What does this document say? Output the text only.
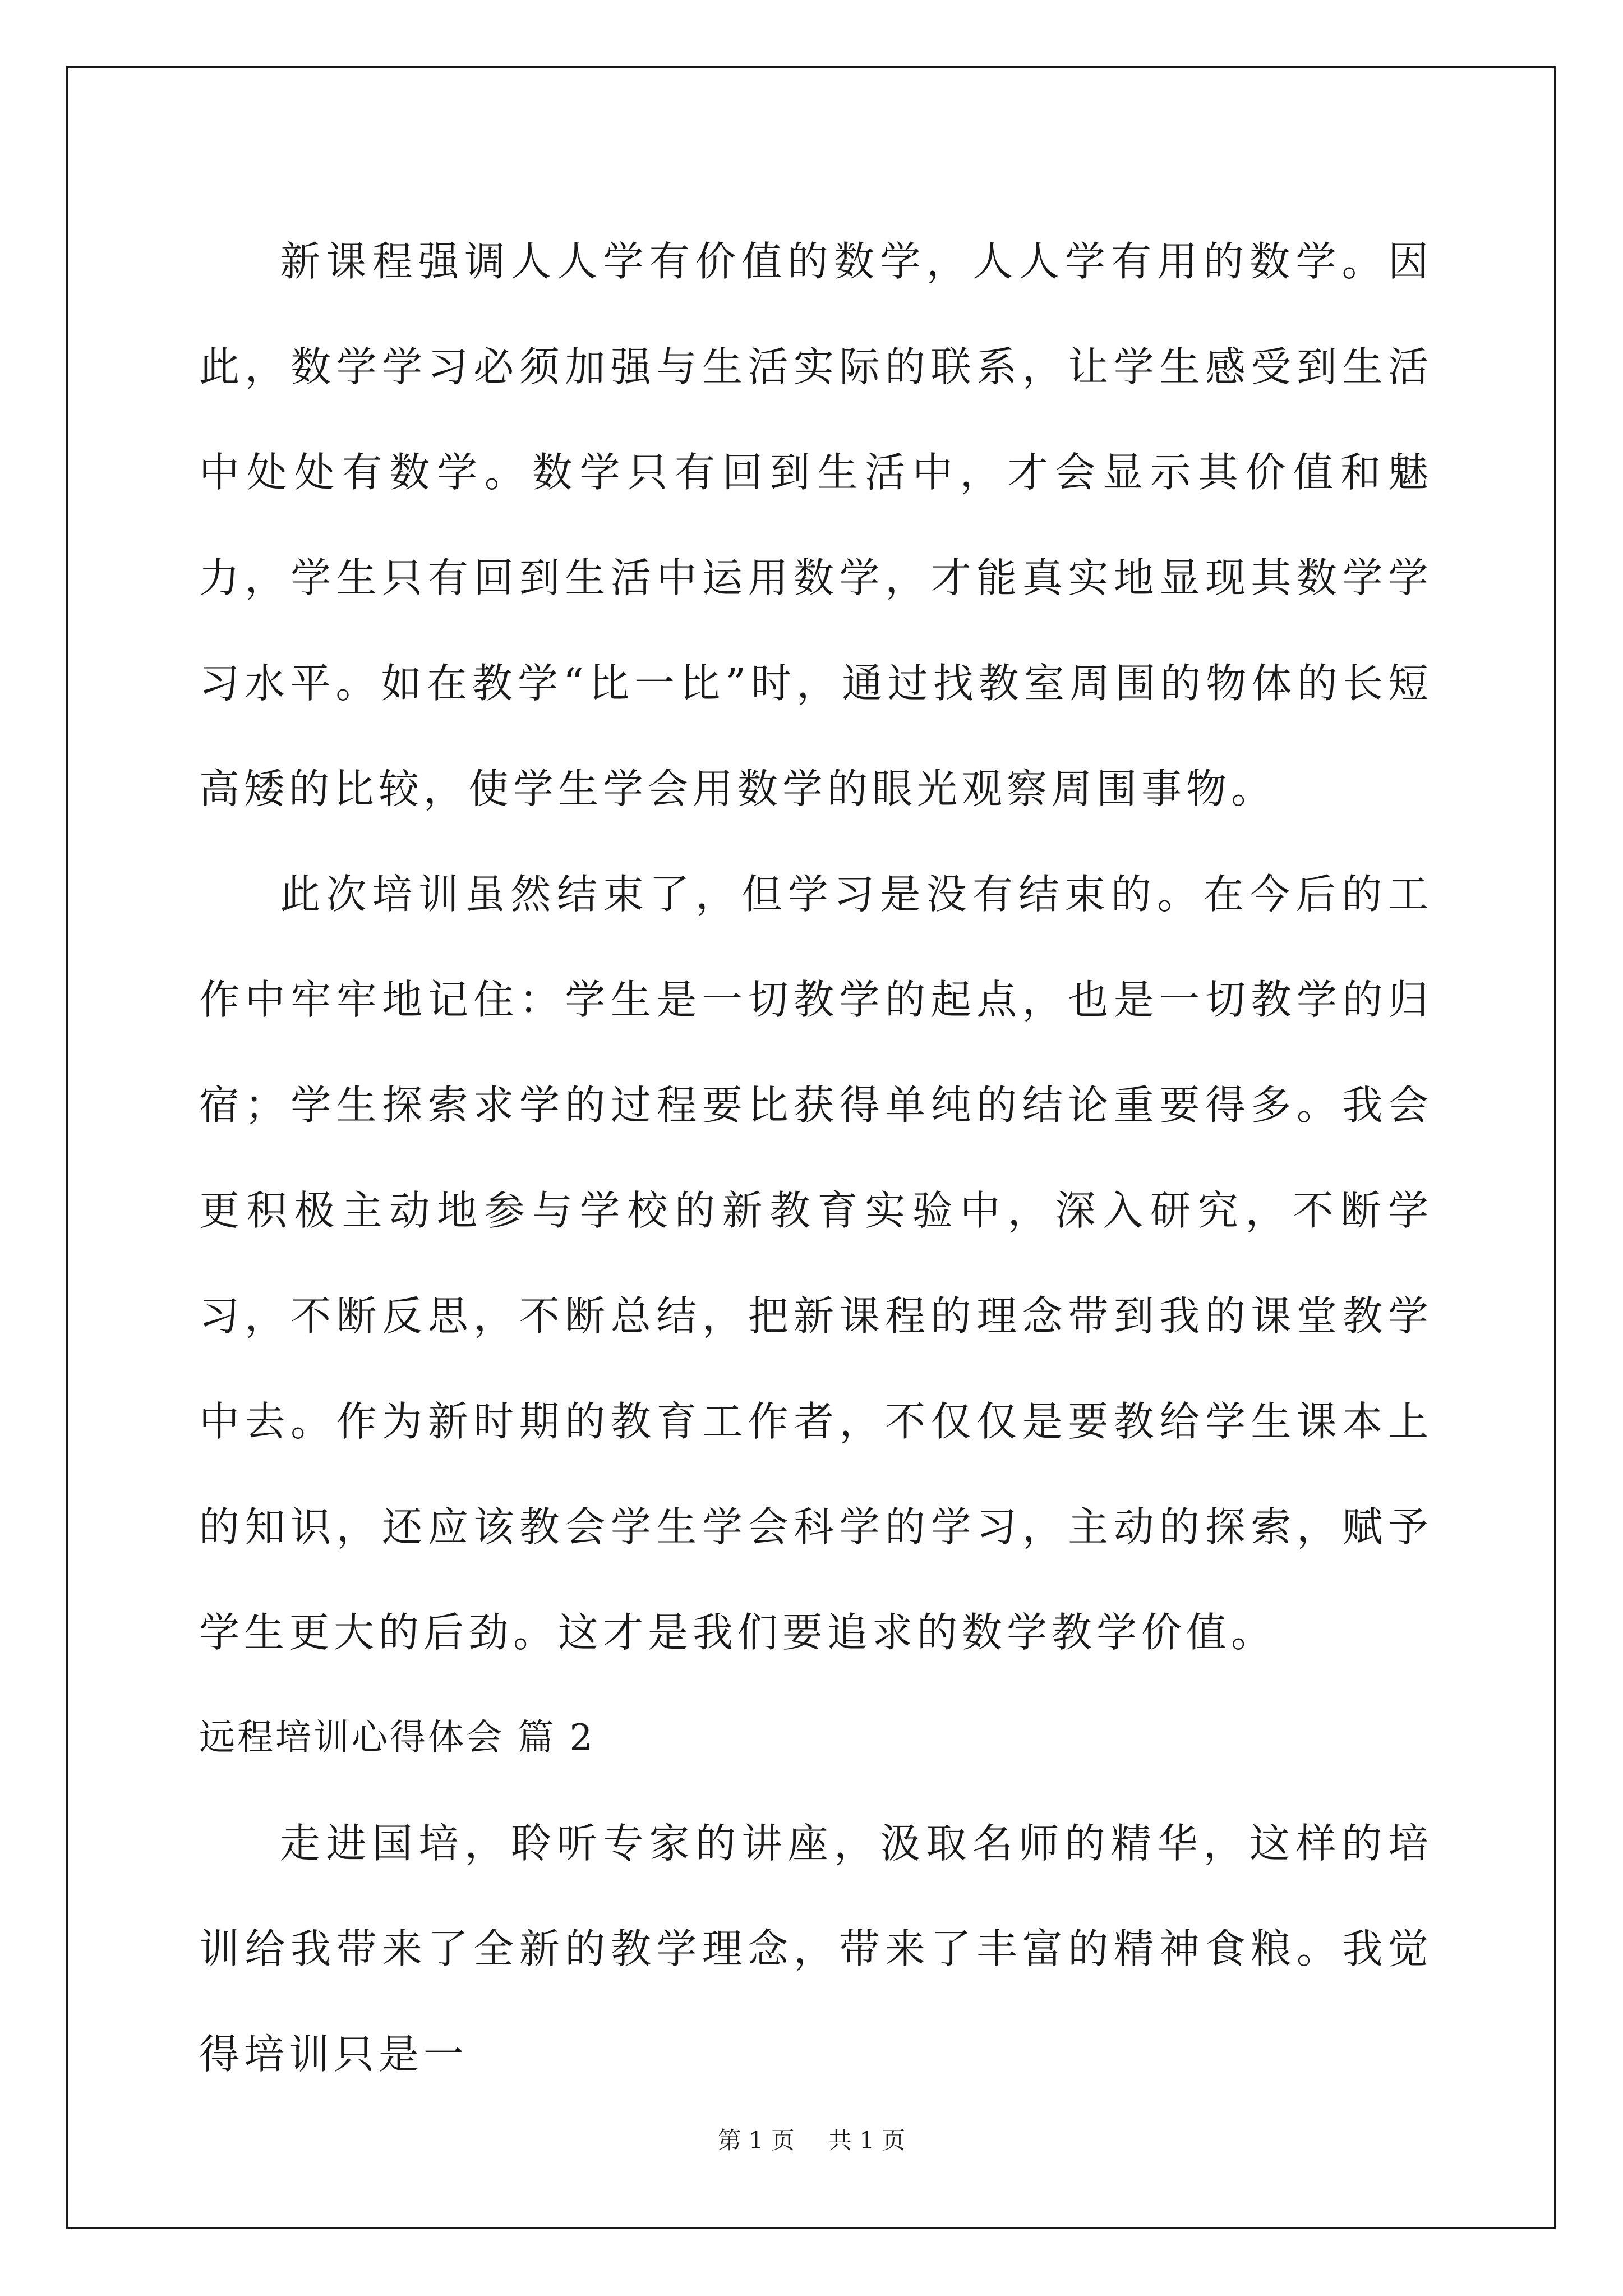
新课程强调人人学有价值的数学，人人学有用的数学。因此，数学学习必须加强与生活实际的联系，让学生感受到生活中处处有数学。数学只有回到生活中，才会显示其价值和魅力，学生只有回到生活中运用数学，才能真实地显现其数学学习水平。如在教学“比一比”时，通过找教室周围的物体的长短高矮的比较，使学生学会用数学的眼光观察周围事物。

此次培训虽然结束了，但学习是没有结束的。在今后的工作中牢牢地记住：学生是一切教学的起点，也是一切教学的归宿；学生探索求学的过程要比获得单纯的结论重要得多。我会更积极主动地参与学校的新教育实验中，深入研究，不断学习，不断反思，不断总结，把新课程的理念带到我的课堂教学中去。作为新时期的教育工作者，不仅仅是要教给学生课本上的知识，还应该教会学生学会科学的学习，主动的探索，赋予学生更大的后劲。这才是我们要追求的数学教学价值。

远程培训心得体会 篇 2

走进国培，聆听专家的讲座，汲取名师的精华，这样的培训给我带来了全新的教学理念，带来了丰富的精神食粮。我觉得培训只是一

第 1 页 共 1 页
